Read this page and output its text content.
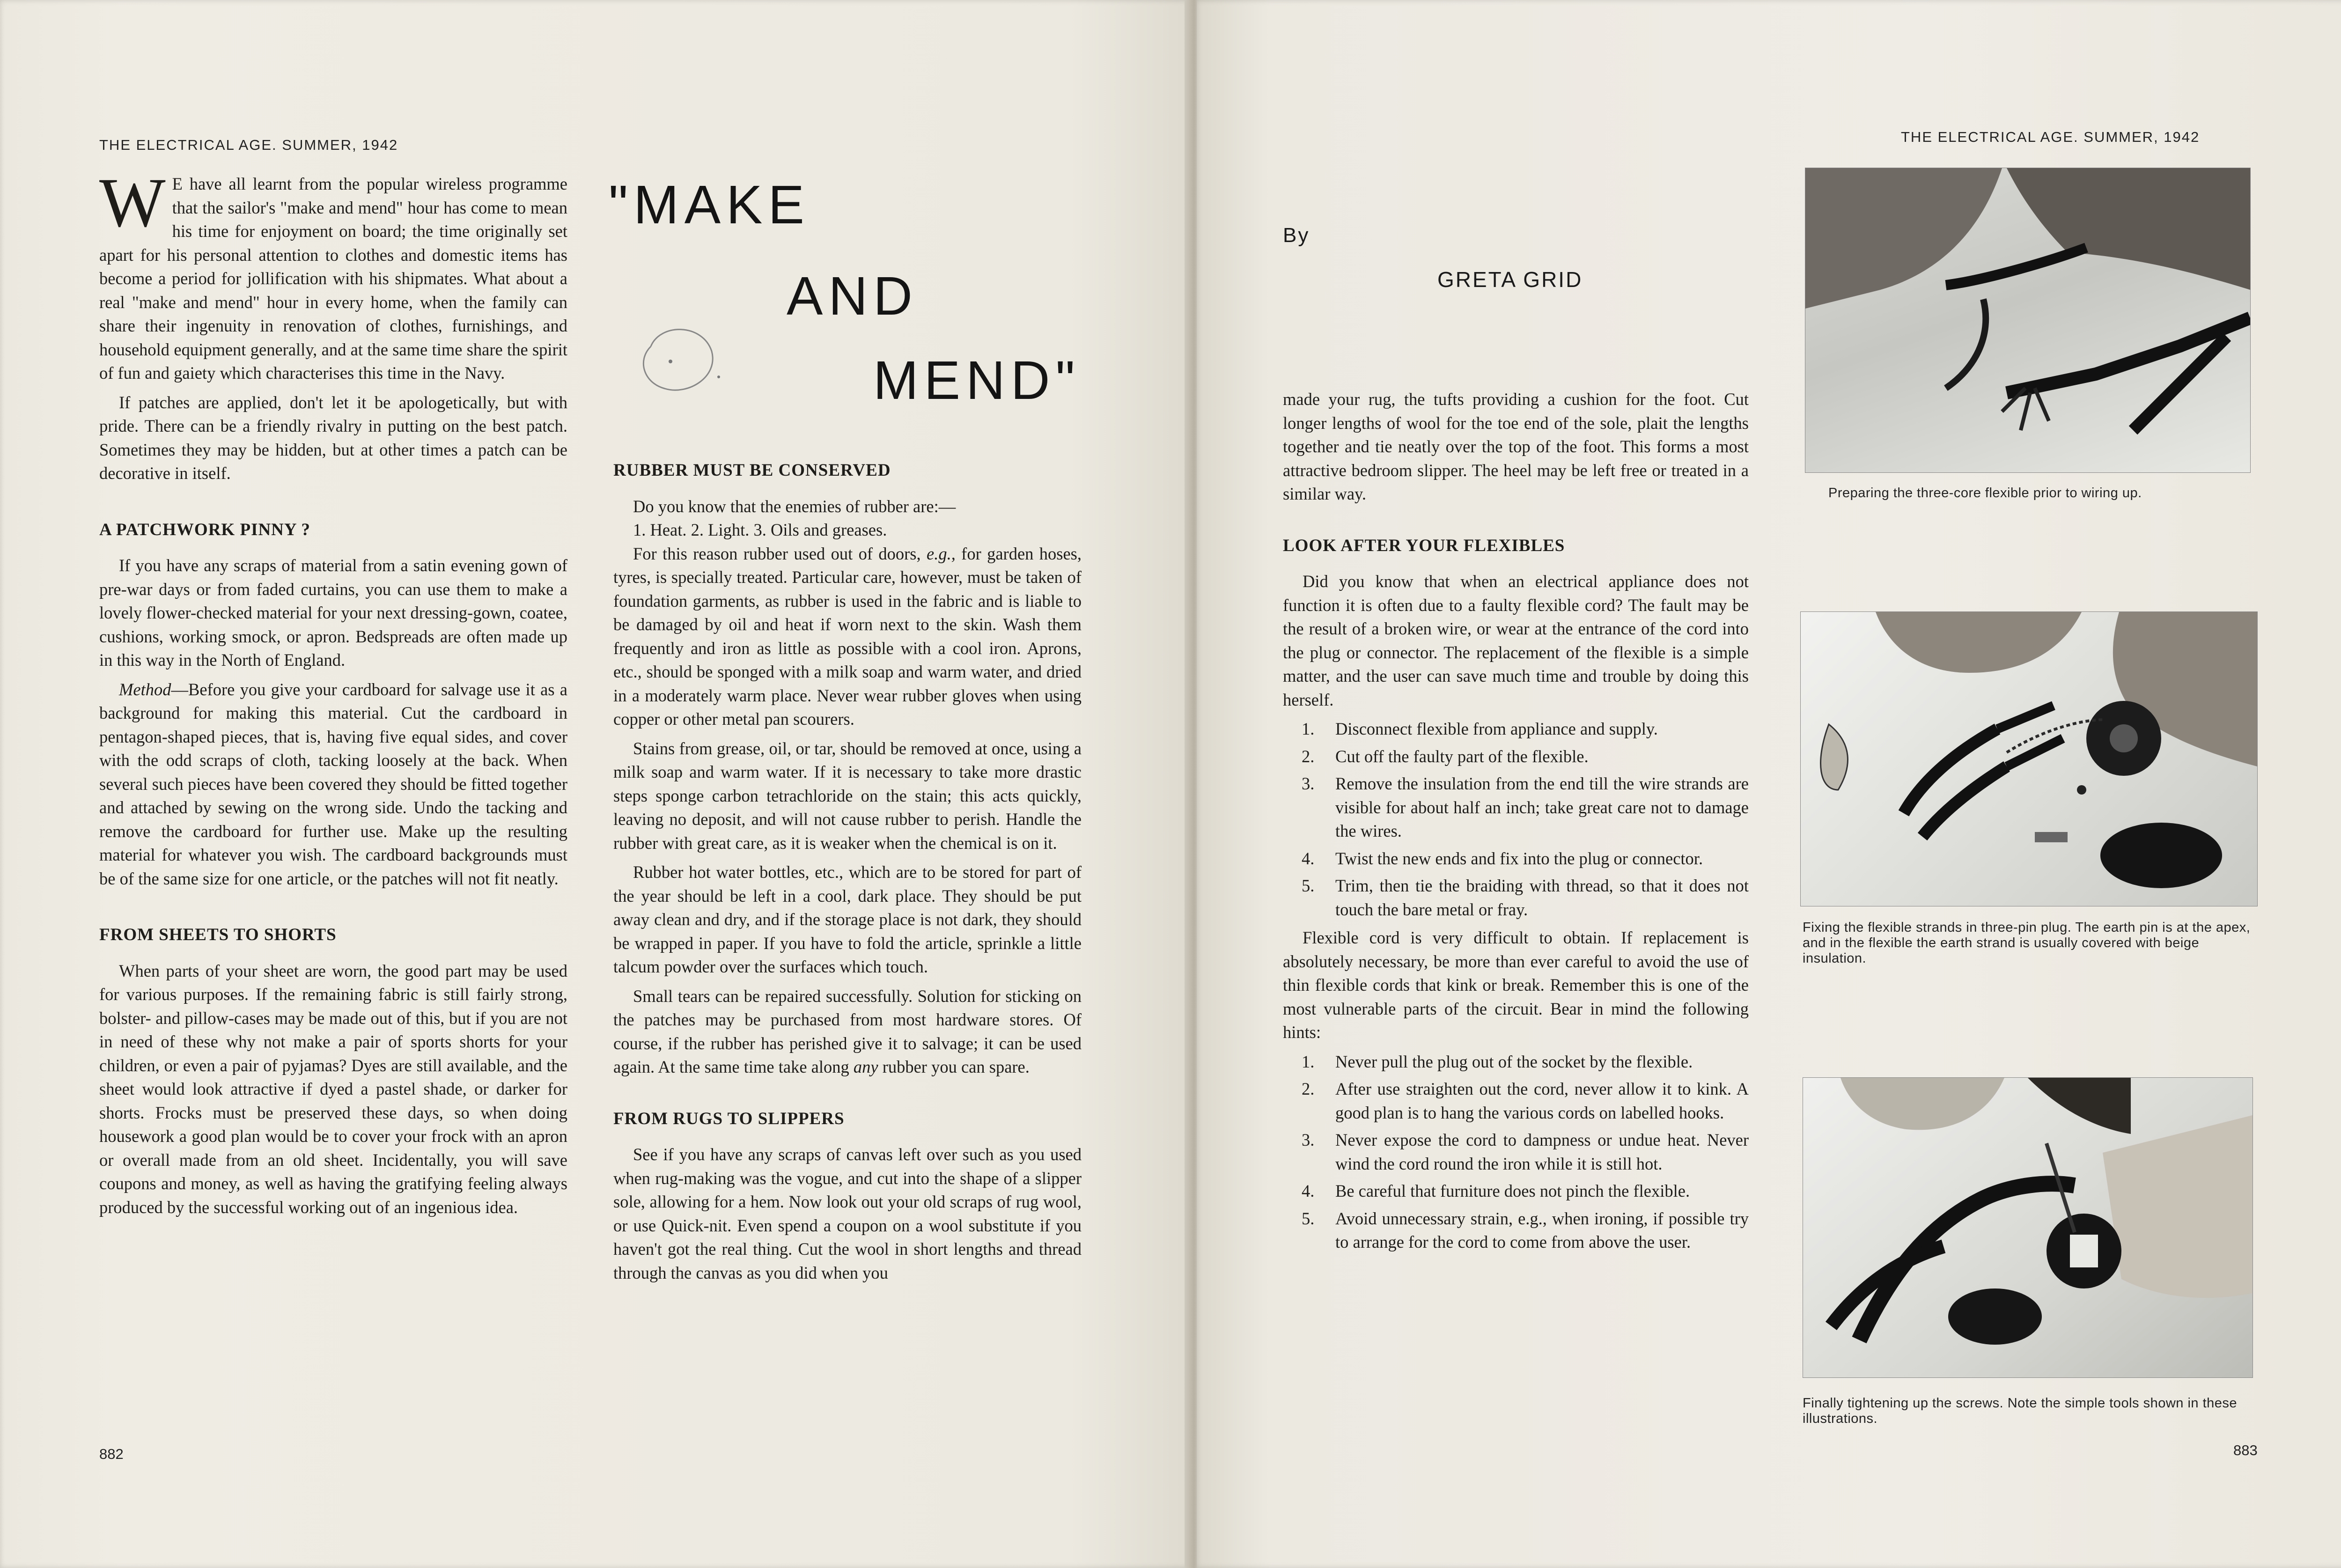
THE ELECTRICAL AGE. SUMMER, 1942	THE ELECTRICAL AGE. SUMMER, 1942
"MAKE
AND
MEND"
By
GRETA GRID

W E have all learnt from the popular wireless programme that the sailor's "make and mend" hour has come to mean his time for enjoyment on board; the time originally set apart for his personal attention to clothes and domestic items has become a period for jollification with his shipmates. What about a real "make and mend" hour in every home, when the family can share their ingenuity in renovation of clothes, furnishings, and household equipment generally, and at the same time share the spirit of fun and gaiety which characterises this time in the Navy.

If patches are applied, don't let it be apologetically, but with pride. There can be a friendly rivalry in putting on the best patch. Sometimes they may be hidden, but at other times a patch can be decorative in itself.

A PATCHWORK PINNY ?

If you have any scraps of material from a satin evening gown of pre-war days or from faded curtains, you can use them to make a lovely flower-checked material for your next dressing-gown, coatee, cushions, working smock, or apron. Bedspreads are often made up in this way in the North of England.

Method—Before you give your cardboard for salvage use it as a background for making this material. Cut the cardboard in pentagon-shaped pieces, that is, having five equal sides, and cover with the odd scraps of cloth, tacking loosely at the back. When several such pieces have been covered they should be fitted together and attached by sewing on the wrong side. Undo the tacking and remove the cardboard for further use. Make up the resulting material for whatever you wish. The cardboard backgrounds must be of the same size for one article, or the patches will not fit neatly.

FROM SHEETS TO SHORTS

When parts of your sheet are worn, the good part may be used for various purposes. If the remaining fabric is still fairly strong, bolster- and pillow-cases may be made out of this, but if you are not in need of these why not make a pair of sports shorts for your children, or even a pair of pyjamas? Dyes are still available, and the sheet would look attractive if dyed a pastel shade, or darker for shorts. Frocks must be preserved these days, so when doing housework a good plan would be to cover your frock with an apron or overall made from an old sheet. Incidentally, you will save coupons and money, as well as having the gratifying feeling always produced by the successful working out of an ingenious idea.

RUBBER MUST BE CONSERVED

Do you know that the enemies of rubber are:—

1. Heat. 2. Light. 3. Oils and greases.

For this reason rubber used out of doors, e.g., for garden hoses, tyres, is specially treated. Particular care, however, must be taken of foundation garments, as rubber is used in the fabric and is liable to be damaged by oil and heat if worn next to the skin. Wash them frequently and iron as little as possible with a cool iron. Aprons, etc., should be sponged with a milk soap and warm water, and dried in a moderately warm place. Never wear rubber gloves when using copper or other metal pan scourers.

Stains from grease, oil, or tar, should be removed at once, using a milk soap and warm water. If it is necessary to take more drastic steps sponge carbon tetrachloride on the stain; this acts quickly, leaving no deposit, and will not cause rubber to perish. Handle the rubber with great care, as it is weaker when the chemical is on it.

Rubber hot water bottles, etc., which are to be stored for part of the year should be left in a cool, dark place. They should be put away clean and dry, and if the storage place is not dark, they should be wrapped in paper. If you have to fold the article, sprinkle a little talcum powder over the surfaces which touch.

Small tears can be repaired successfully. Solution for sticking on the patches may be purchased from most hardware stores. Of course, if the rubber has perished give it to salvage; it can be used again. At the same time take along any rubber you can spare.

FROM RUGS TO SLIPPERS

See if you have any scraps of canvas left over such as you used when rug-making was the vogue, and cut into the shape of a slipper sole, allowing for a hem. Now look out your old scraps of rug wool, or use Quick-nit. Even spend a coupon on a wool substitute if you haven't got the real thing. Cut the wool in short lengths and thread through the canvas as you did when you

made your rug, the tufts providing a cushion for the foot. Cut longer lengths of wool for the toe end of the sole, plait the lengths together and tie neatly over the top of the foot. This forms a most attractive bedroom slipper. The heel may be left free or treated in a similar way.

LOOK AFTER YOUR FLEXIBLES

Did you know that when an electrical appliance does not function it is often due to a faulty flexible cord? The fault may be the result of a broken wire, or wear at the entrance of the cord into the plug or connector. The replacement of the flexible is a simple matter, and the user can save much time and trouble by doing this herself.

1. Disconnect flexible from appliance and supply.
2. Cut off the faulty part of the flexible.
3. Remove the insulation from the end till the wire strands are visible for about half an inch; take great care not to damage the wires.
4. Twist the new ends and fix into the plug or connector.
5. Trim, then tie the braiding with thread, so that it does not touch the bare metal or fray.

Flexible cord is very difficult to obtain. If replacement is absolutely necessary, be more than ever careful to avoid the use of thin flexible cords that kink or break. Remember this is one of the most vulnerable parts of the circuit. Bear in mind the following hints:

1. Never pull the plug out of the socket by the flexible.
2. After use straighten out the cord, never allow it to kink. A good plan is to hang the various cords on labelled hooks.
3. Never expose the cord to dampness or undue heat. Never wind the cord round the iron while it is still hot.
4. Be careful that furniture does not pinch the flexible.
5. Avoid unnecessary strain, e.g., when ironing, if possible try to arrange for the cord to come from above the user.
Preparing the three-core flexible prior to wiring up.
Fixing the flexible strands in three-pin plug. The earth pin is at the apex, and in the flexible the earth strand is usually covered with beige insulation.
Finally tightening up the screws. Note the simple tools shown in these illustrations.
882	883
